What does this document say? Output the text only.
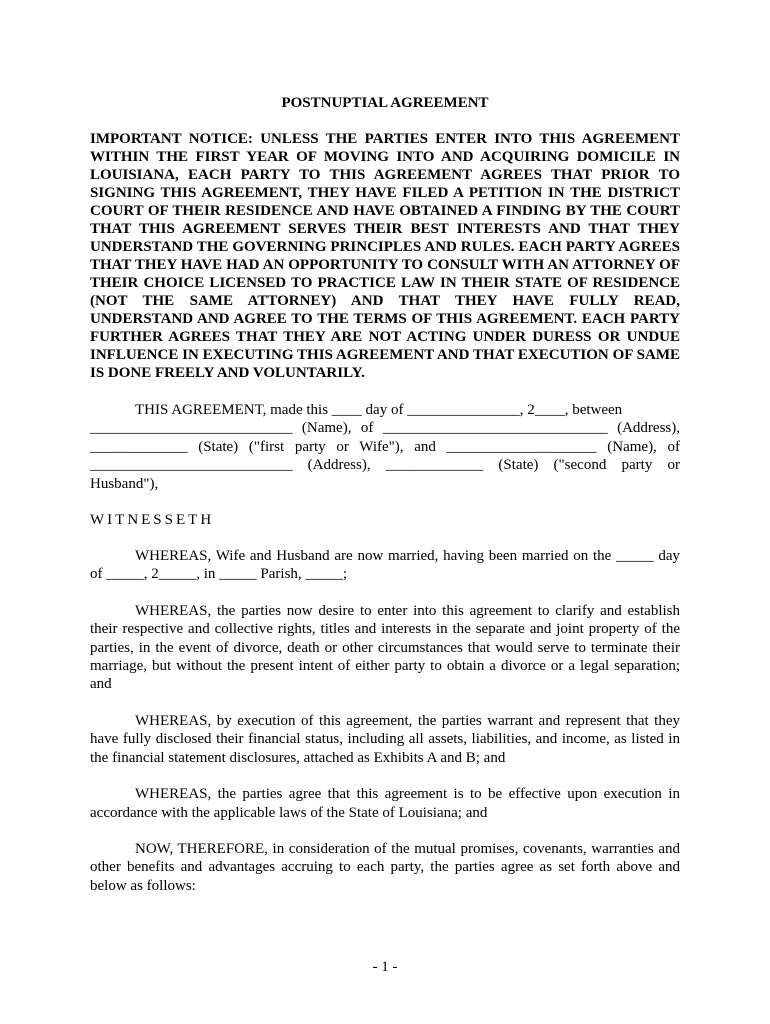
POSTNUPTIAL AGREEMENT
IMPORTANT NOTICE: UNLESS THE PARTIES ENTER INTO THIS AGREEMENT WITHIN THE FIRST YEAR OF MOVING INTO AND ACQUIRING DOMICILE IN LOUISIANA, EACH PARTY TO THIS AGREEMENT AGREES THAT PRIOR TO SIGNING THIS AGREEMENT, THEY HAVE FILED A PETITION IN THE DISTRICT COURT OF THEIR RESIDENCE AND HAVE OBTAINED A FINDING BY THE COURT THAT THIS AGREEMENT SERVES THEIR BEST INTERESTS AND THAT THEY UNDERSTAND THE GOVERNING PRINCIPLES AND RULES. EACH PARTY AGREES THAT THEY HAVE HAD AN OPPORTUNITY TO CONSULT WITH AN ATTORNEY OF THEIR CHOICE LICENSED TO PRACTICE LAW IN THEIR STATE OF RESIDENCE (NOT THE SAME ATTORNEY) AND THAT THEY HAVE FULLY READ, UNDERSTAND AND AGREE TO THE TERMS OF THIS AGREEMENT. EACH PARTY FURTHER AGREES THAT THEY ARE NOT ACTING UNDER DURESS OR UNDUE INFLUENCE IN EXECUTING THIS AGREEMENT AND THAT EXECUTION OF SAME IS DONE FREELY AND VOLUNTARILY.
THIS AGREEMENT, made this ____ day of _______________, 2____, between
___________________________ (Name), of ______________________________ (Address),
_____________ (State) ("first party or Wife"), and ____________________ (Name), of
___________________________ (Address), _____________ (State) ("second party or
Husband"),
WITNESSETH

WHEREAS, Wife and Husband are now married, having been married on the _____ day of _____, 2_____, in _____ Parish, _____;

WHEREAS, the parties now desire to enter into this agreement to clarify and establish their respective and collective rights, titles and interests in the separate and joint property of the parties, in the event of divorce, death or other circumstances that would serve to terminate their marriage, but without the present intent of either party to obtain a divorce or a legal separation; and

WHEREAS, by execution of this agreement, the parties warrant and represent that they have fully disclosed their financial status, including all assets, liabilities, and income, as listed in the financial statement disclosures, attached as Exhibits A and B; and

WHEREAS, the parties agree that this agreement is to be effective upon execution in accordance with the applicable laws of the State of Louisiana; and

NOW, THEREFORE, in consideration of the mutual promises, covenants, warranties and other benefits and advantages accruing to each party, the parties agree as set forth above and below as follows:

- 1 -
